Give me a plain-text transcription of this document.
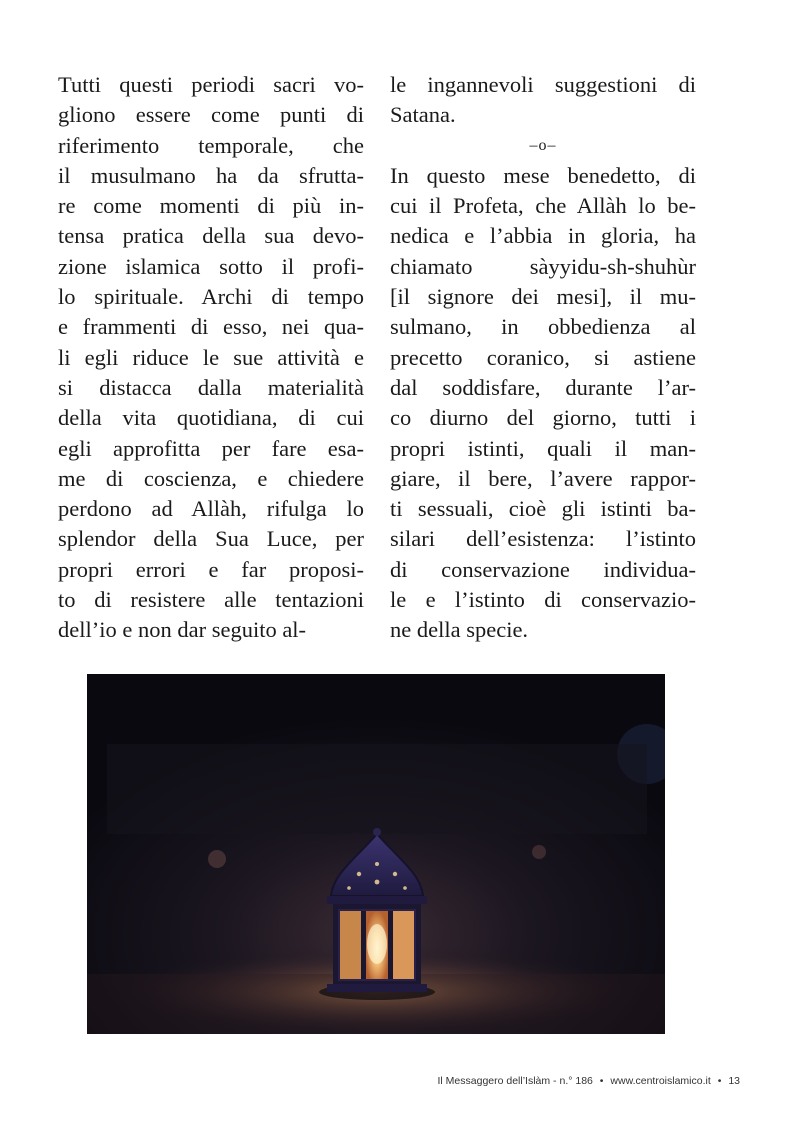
Tutti questi periodi sacri vo-
gliono essere come punti di
riferimento temporale, che
il musulmano ha da sfrutta-
re come momenti di più in-
tensa pratica della sua devo-
zione islamica sotto il profi-
lo spirituale. Archi di tempo
e frammenti di esso, nei qua-
li egli riduce le sue attività e
si distacca dalla materialità
della vita quotidiana, di cui
egli approfitta per fare esa-
me di coscienza, e chiedere
perdono ad Allàh, rifulga lo
splendor della Sua Luce, per
propri errori e far proposi-
to di resistere alle tentazioni
dell’io e non dar seguito al-
le ingannevoli suggestioni di
Satana.
–o–
In questo mese benedetto, di
cui il Profeta, che Allàh lo be-
nedica e l’abbia in gloria, ha
chiamato sàyyidu-sh-shuhùr
[il signore dei mesi], il mu-
sulmano, in obbedienza al
precetto coranico, si astiene
dal soddisfare, durante l’ar-
co diurno del giorno, tutti i
propri istinti, quali il man-
giare, il bere, l’avere rappor-
ti sessuali, cioè gli istinti ba-
silari dell’esistenza: l’istinto
di conservazione individua-
le e l’istinto di conservazio-
ne della specie.
Il Messaggero dell’Islàm - n.° 186 • www.centroislamico.it • 13
